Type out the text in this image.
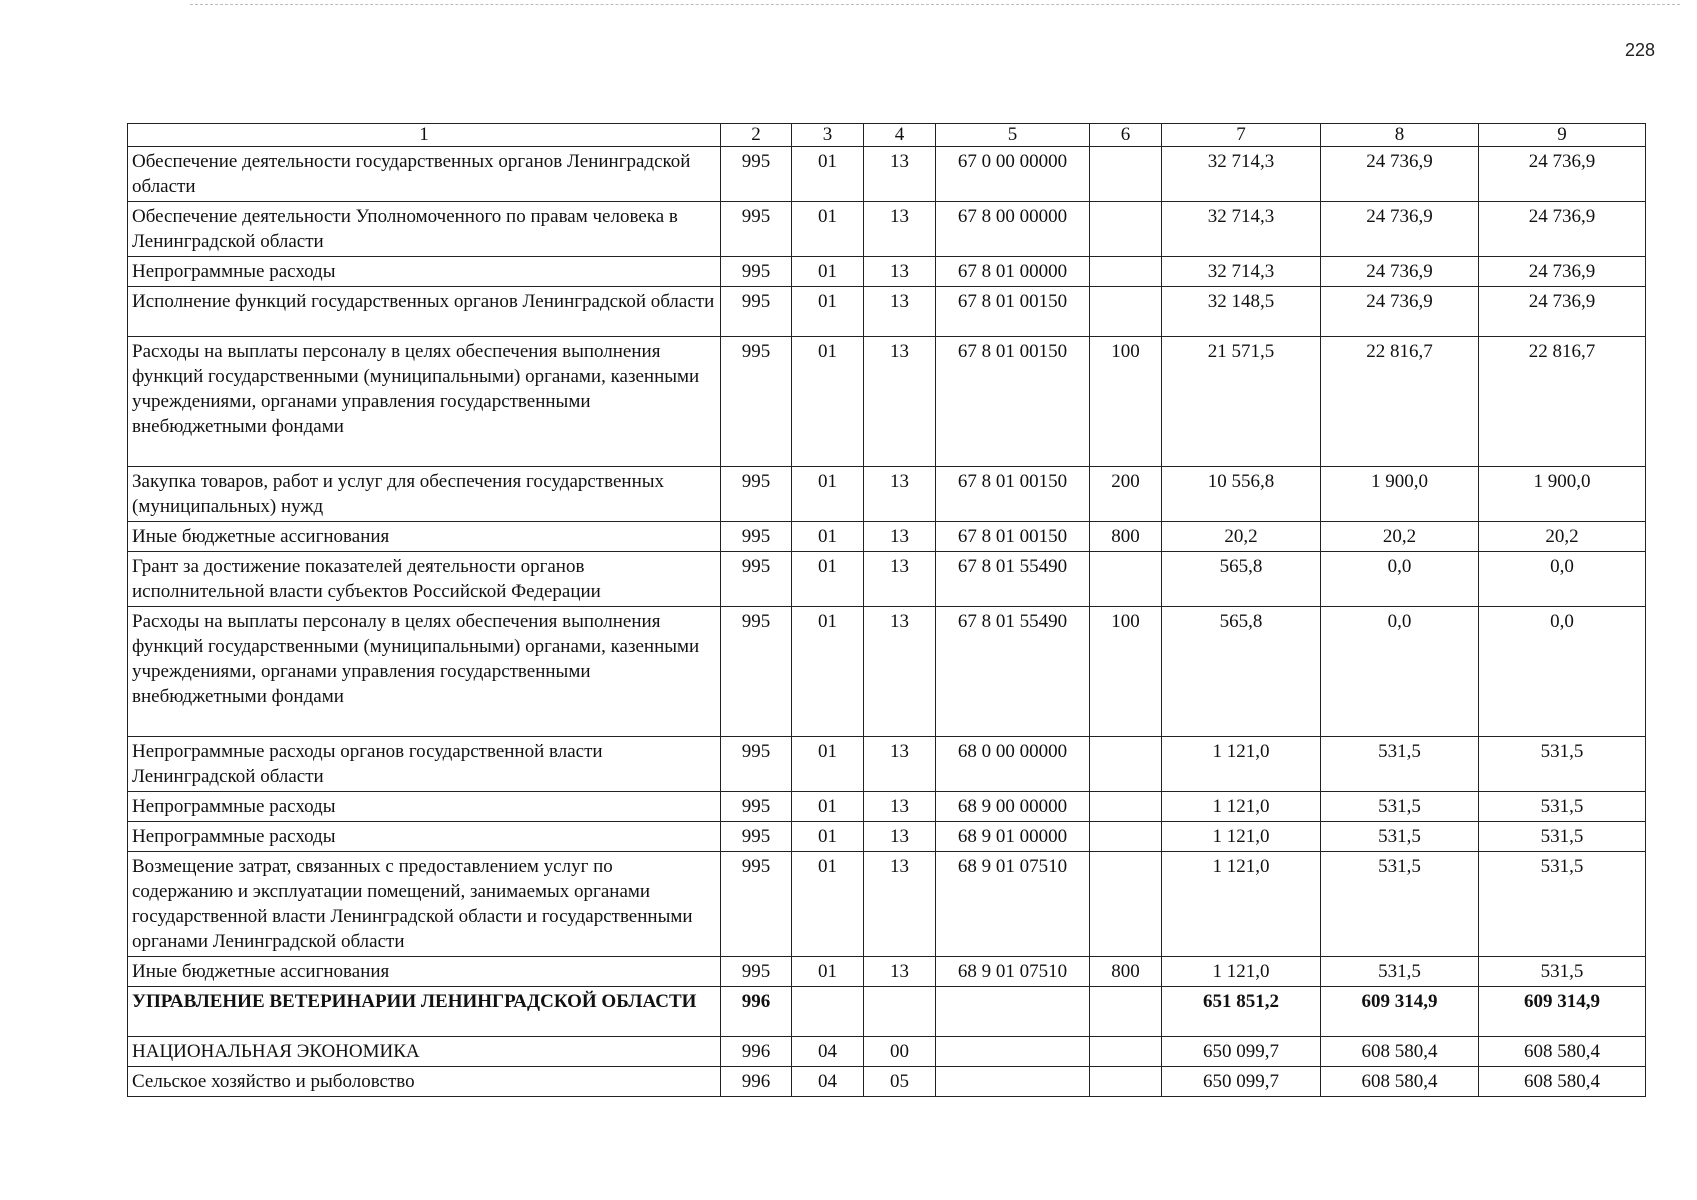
228
1	2	3	4	5	6	7	8	9
Обеспечение деятельности государственных органов Ленинградской области	995	01	13	67 0 00 00000		32 714,3	24 736,9	24 736,9
Обеспечение деятельности Уполномоченного по правам человека в Ленинградской области	995	01	13	67 8 00 00000		32 714,3	24 736,9	24 736,9
Непрограммные расходы	995	01	13	67 8 01 00000		32 714,3	24 736,9	24 736,9
Исполнение функций государственных органов Ленинградской области	995	01	13	67 8 01 00150		32 148,5	24 736,9	24 736,9
Расходы на выплаты персоналу в целях обеспечения выполнения функций государственными (муниципальными) органами, казенными учреждениями, органами управления государственными внебюджетными фондами	995	01	13	67 8 01 00150	100	21 571,5	22 816,7	22 816,7
Закупка товаров, работ и услуг для обеспечения государственных (муниципальных) нужд	995	01	13	67 8 01 00150	200	10 556,8	1 900,0	1 900,0
Иные бюджетные ассигнования	995	01	13	67 8 01 00150	800	20,2	20,2	20,2
Грант за достижение показателей деятельности органов исполнительной власти субъектов Российской Федерации	995	01	13	67 8 01 55490		565,8	0,0	0,0
Расходы на выплаты персоналу в целях обеспечения выполнения функций государственными (муниципальными) органами, казенными учреждениями, органами управления государственными внебюджетными фондами	995	01	13	67 8 01 55490	100	565,8	0,0	0,0
Непрограммные расходы органов государственной власти Ленинградской области	995	01	13	68 0 00 00000		1 121,0	531,5	531,5
Непрограммные расходы	995	01	13	68 9 00 00000		1 121,0	531,5	531,5
Непрограммные расходы	995	01	13	68 9 01 00000		1 121,0	531,5	531,5
Возмещение затрат, связанных с предоставлением услуг по содержанию и эксплуатации помещений, занимаемых органами государственной власти Ленинградской области и государственными органами Ленинградской области	995	01	13	68 9 01 07510		1 121,0	531,5	531,5
Иные бюджетные ассигнования	995	01	13	68 9 01 07510	800	1 121,0	531,5	531,5
УПРАВЛЕНИЕ ВЕТЕРИНАРИИ ЛЕНИНГРАДСКОЙ ОБЛАСТИ	996					651 851,2	609 314,9	609 314,9
НАЦИОНАЛЬНАЯ ЭКОНОМИКА	996	04	00			650 099,7	608 580,4	608 580,4
Сельское хозяйство и рыболовство	996	04	05			650 099,7	608 580,4	608 580,4
